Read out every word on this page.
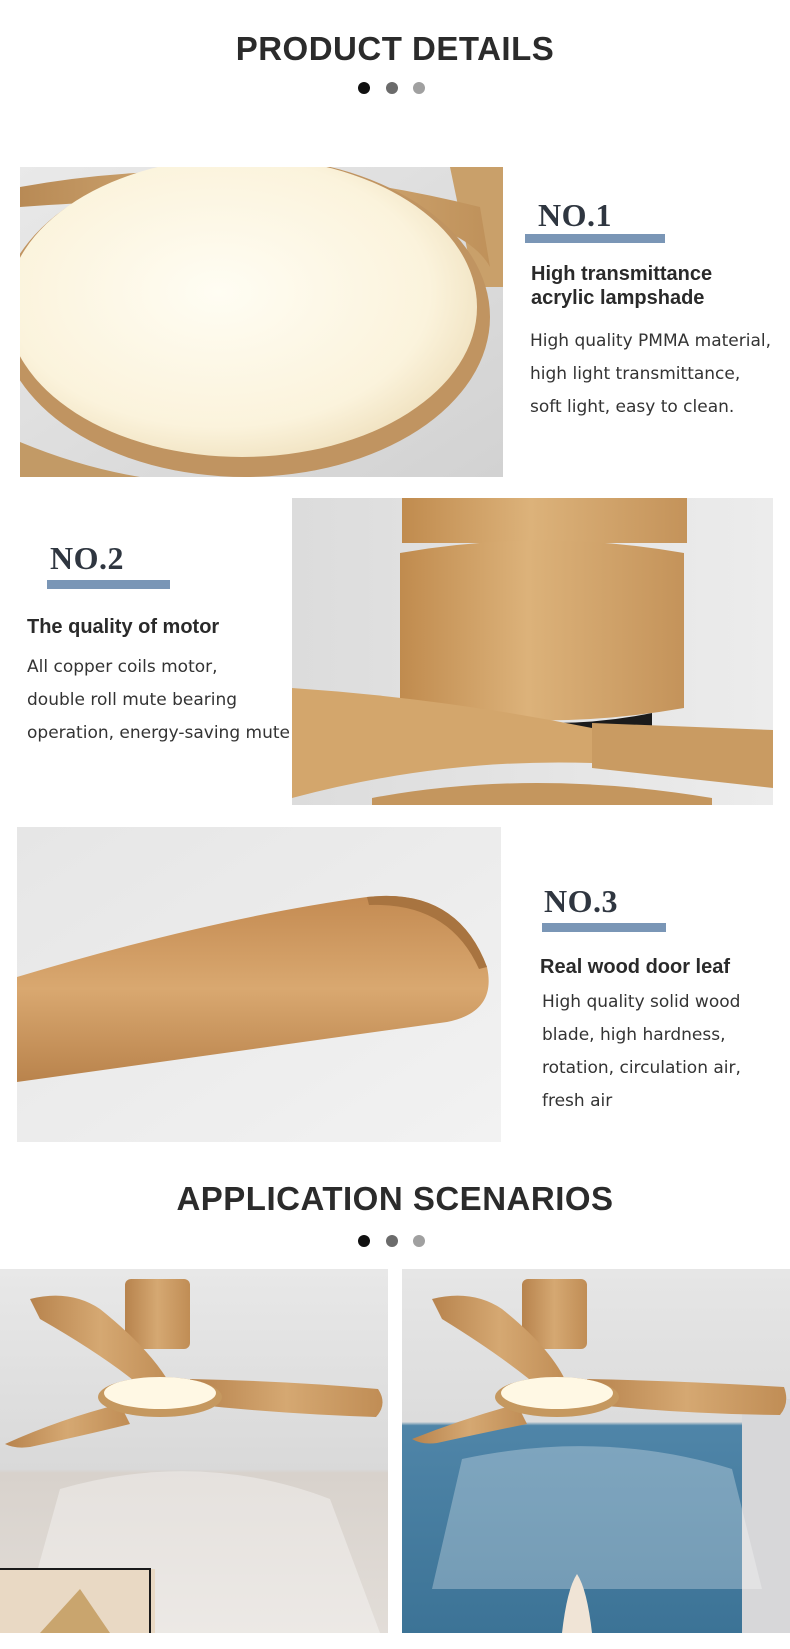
PRODUCT DETAILS
NO.1
High transmittance
acrylic lampshade
High quality PMMA material,
high light transmittance,
soft light, easy to clean.
NO.2
The quality of motor
All copper coils motor,
double roll mute bearing
operation, energy-saving mute
NO.3
Real wood door leaf
High quality solid wood
blade, high hardness,
rotation, circulation air,
fresh air
APPLICATION SCENARIOS
